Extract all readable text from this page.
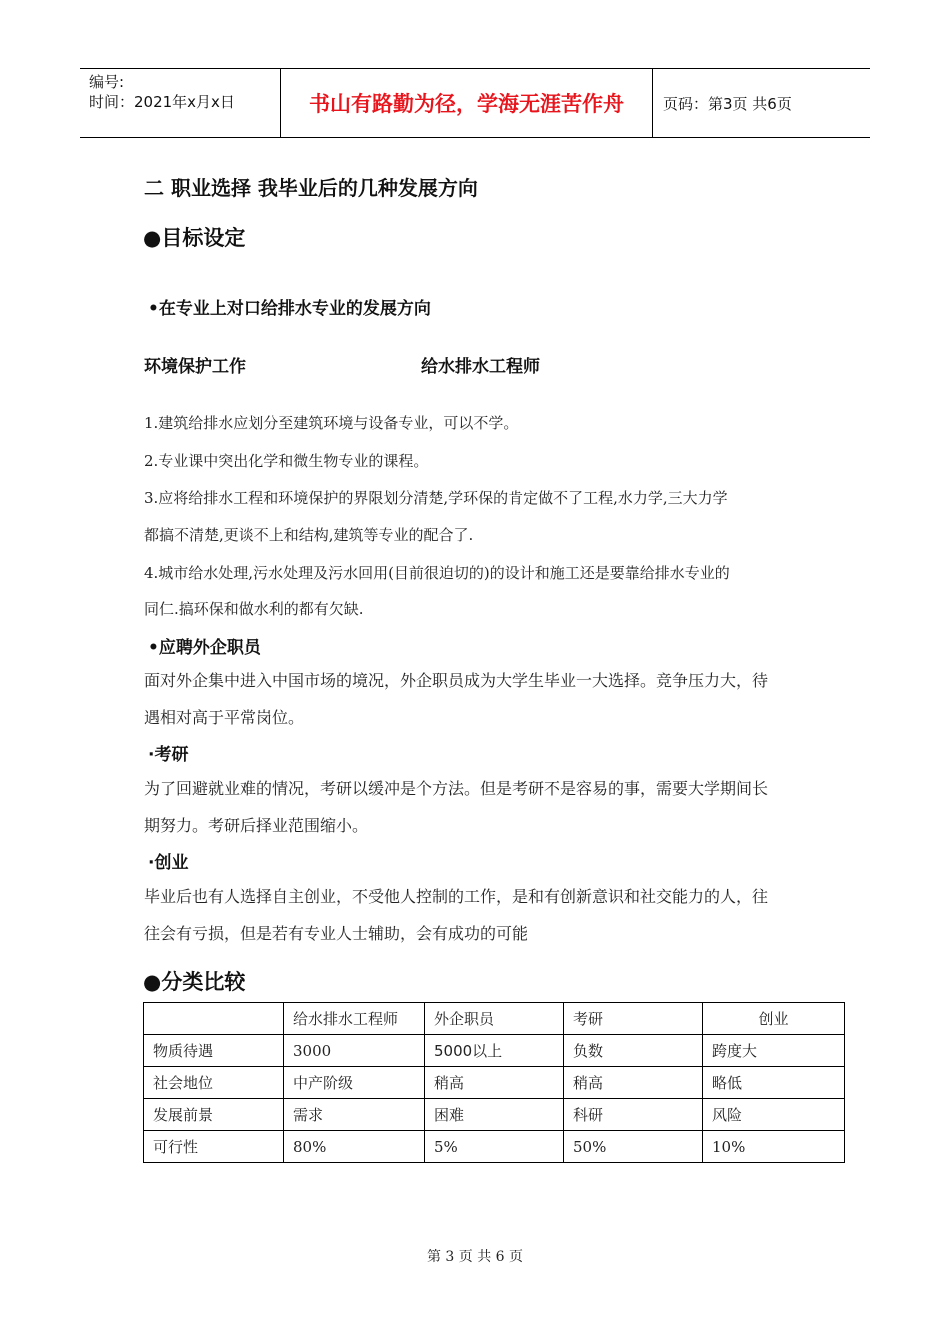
编号:
时间：2021年x月x日	书山有路勤为径，学海无涯苦作舟	页码：第3页 共6页
二 职业选择 我毕业后的几种发展方向
●目标设定
•在专业上对口给排水专业的发展方向
环境保护工作	给水排水工程师
1.建筑给排水应划分至建筑环境与设备专业，可以不学。
2.专业课中突出化学和微生物专业的课程。
3.应将给排水工程和环境保护的界限划分清楚,学环保的肯定做不了工程,水力学,三大力学
都搞不清楚,更谈不上和结构,建筑等专业的配合了.
4.城市给水处理,污水处理及污水回用(目前很迫切的)的设计和施工还是要靠给排水专业的
同仁.搞环保和做水利的都有欠缺.
•应聘外企职员
面对外企集中进入中国市场的境况，外企职员成为大学生毕业一大选择。竞争压力大，待
遇相对高于平常岗位。
·考研
为了回避就业难的情况，考研以缓冲是个方法。但是考研不是容易的事，需要大学期间长
期努力。考研后择业范围缩小。
·创业
毕业后也有人选择自主创业，不受他人控制的工作，是和有创新意识和社交能力的人，往
往会有亏损，但是若有专业人士辅助，会有成功的可能
●分类比较
	给水排水工程师	外企职员	考研	创业
物质待遇	3000	5000以上	负数	跨度大
社会地位	中产阶级	稍高	稍高	略低
发展前景	需求	困难	科研	风险
可行性	80%	5%	50%	10%
第 3 页 共 6 页
